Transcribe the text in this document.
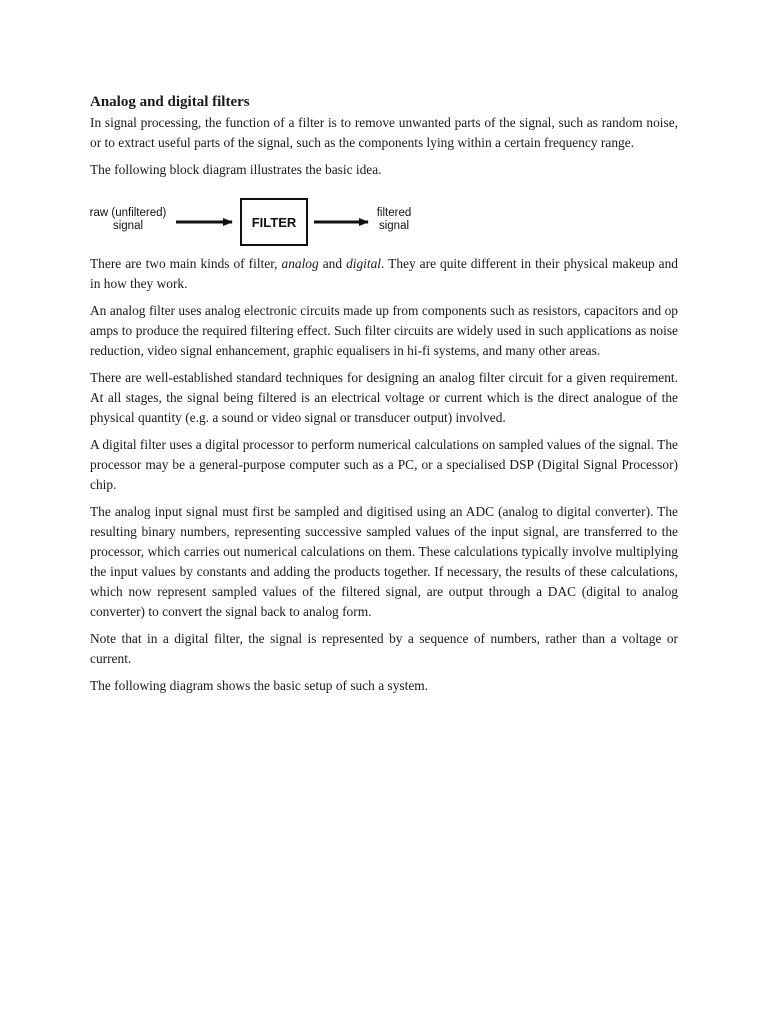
Analog and digital filters

In signal processing, the function of a filter is to remove unwanted parts of the signal, such as random noise, or to extract useful parts of the signal, such as the components lying within a certain frequency range.

The following block diagram illustrates the basic idea.

raw (unfiltered)
signal	FILTER
filtered
signal

There are two main kinds of filter, analog and digital. They are quite different in their physical makeup and in how they work.

An analog filter uses analog electronic circuits made up from components such as resistors, capacitors and op amps to produce the required filtering effect. Such filter circuits are widely used in such applications as noise reduction, video signal enhancement, graphic equalisers in hi-fi systems, and many other areas.

There are well-established standard techniques for designing an analog filter circuit for a given requirement. At all stages, the signal being filtered is an electrical voltage or current which is the direct analogue of the physical quantity (e.g. a sound or video signal or transducer output) involved.

A digital filter uses a digital processor to perform numerical calculations on sampled values of the signal. The processor may be a general-purpose computer such as a PC, or a specialised DSP (Digital Signal Processor) chip.

The analog input signal must first be sampled and digitised using an ADC (analog to digital converter). The resulting binary numbers, representing successive sampled values of the input signal, are transferred to the processor, which carries out numerical calculations on them. These calculations typically involve multiplying the input values by constants and adding the products together. If necessary, the results of these calculations, which now represent sampled values of the filtered signal, are output through a DAC (digital to analog converter) to convert the signal back to analog form.

Note that in a digital filter, the signal is represented by a sequence of numbers, rather than a voltage or current.

The following diagram shows the basic setup of such a system.
